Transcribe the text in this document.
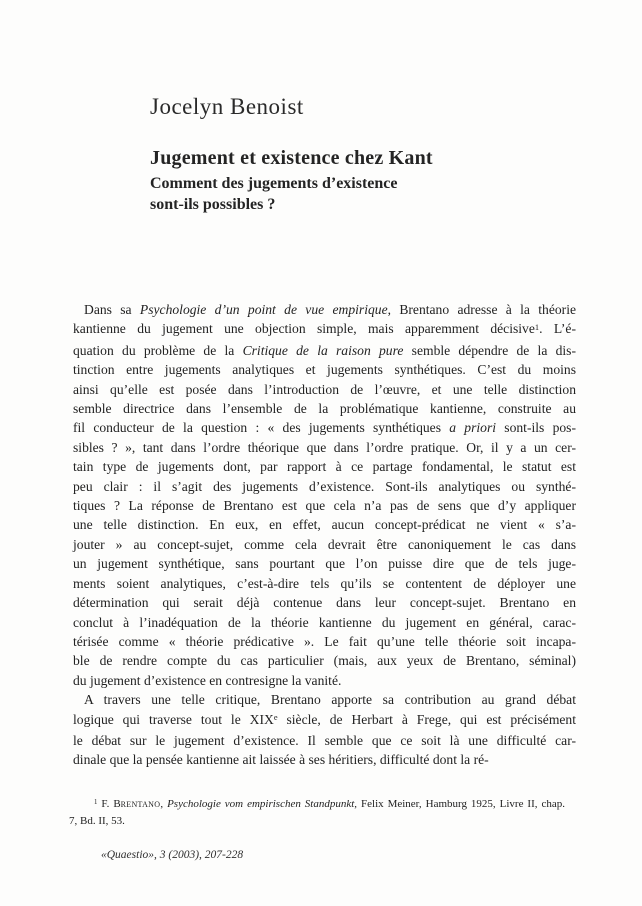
Jocelyn Benoist
Jugement et existence chez Kant
Comment des jugements d’existence
sont-ils possibles ?
Dans sa Psychologie d’un point de vue empirique, Brentano adresse à la théorie
kantienne du jugement une objection simple, mais apparemment décisive$^1$. L’é-
quation du problème de la Critique de la raison pure semble dépendre de la dis-
tinction entre jugements analytiques et jugements synthétiques. C’est du moins
ainsi qu’elle est posée dans l’introduction de l’œuvre, et une telle distinction
semble directrice dans l’ensemble de la problématique kantienne, construite au
fil conducteur de la question : « des jugements synthétiques a priori sont-ils pos-
sibles ? », tant dans l’ordre théorique que dans l’ordre pratique. Or, il y a un cer-
tain type de jugements dont, par rapport à ce partage fondamental, le statut est
peu clair : il s’agit des jugements d’existence. Sont-ils analytiques ou synthé-
tiques ? La réponse de Brentano est que cela n’a pas de sens que d’y appliquer
une telle distinction. En eux, en effet, aucun concept-prédicat ne vient « s’a-
jouter » au concept-sujet, comme cela devrait être canoniquement le cas dans
un jugement synthétique, sans pourtant que l’on puisse dire que de tels juge-
ments soient analytiques, c’est-à-dire tels qu’ils se contentent de déployer une
détermination qui serait déjà contenue dans leur concept-sujet. Brentano en
conclut à l’inadéquation de la théorie kantienne du jugement en général, carac-
térisée comme « théorie prédicative ». Le fait qu’une telle théorie soit incapa-
ble de rendre compte du cas particulier (mais, aux yeux de Brentano, séminal)
du jugement d’existence en contresigne la vanité.
A travers une telle critique, Brentano apporte sa contribution au grand débat
logique qui traverse tout le XIXe siècle, de Herbart à Frege, qui est précisément
le débat sur le jugement d’existence. Il semble que ce soit là une difficulté car-
dinale que la pensée kantienne ait laissée à ses héritiers, difficulté dont la ré-
$^1$ F. Brentano, Psychologie vom empirischen Standpunkt, Felix Meiner, Hamburg 1925, Livre II, chap.
7, Bd. II, 53.
«Quaestio», 3 (2003), 207-228
